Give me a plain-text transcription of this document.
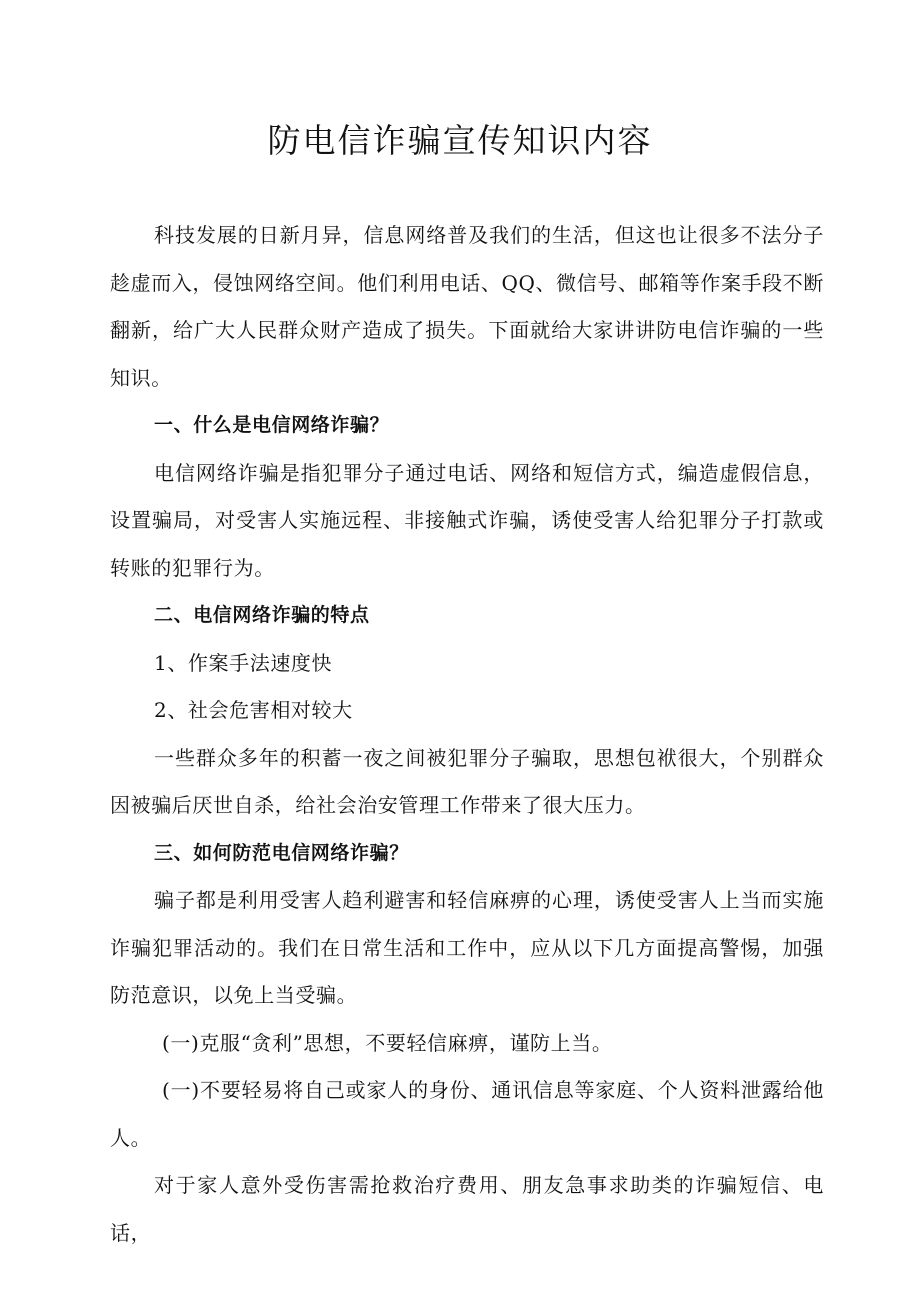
防电信诈骗宣传知识内容

科技发展的日新月异，信息网络普及我们的生活，但这也让很多不法分子趁虚而入，侵蚀网络空间。他们利用电话、QQ、微信号、邮箱等作案手段不断翻新，给广大人民群众财产造成了损失。下面就给大家讲讲防电信诈骗的一些知识。

一、什么是电信网络诈骗？

电信网络诈骗是指犯罪分子通过电话、网络和短信方式，编造虚假信息，设置骗局，对受害人实施远程、非接触式诈骗，诱使受害人给犯罪分子打款或转账的犯罪行为。

二、电信网络诈骗的特点

1、作案手法速度快

2、社会危害相对较大

一些群众多年的积蓄一夜之间被犯罪分子骗取，思想包袱很大，个别群众因被骗后厌世自杀，给社会治安管理工作带来了很大压力。

三、如何防范电信网络诈骗？

骗子都是利用受害人趋利避害和轻信麻痹的心理，诱使受害人上当而实施诈骗犯罪活动的。我们在日常生活和工作中，应从以下几方面提高警惕，加强防范意识，以免上当受骗。

(一)克服“贪利”思想，不要轻信麻痹，谨防上当。

(一)不要轻易将自己或家人的身份、通讯信息等家庭、个人资料泄露给他人。

对于家人意外受伤害需抢救治疗费用、朋友急事求助类的诈骗短信、电话，
